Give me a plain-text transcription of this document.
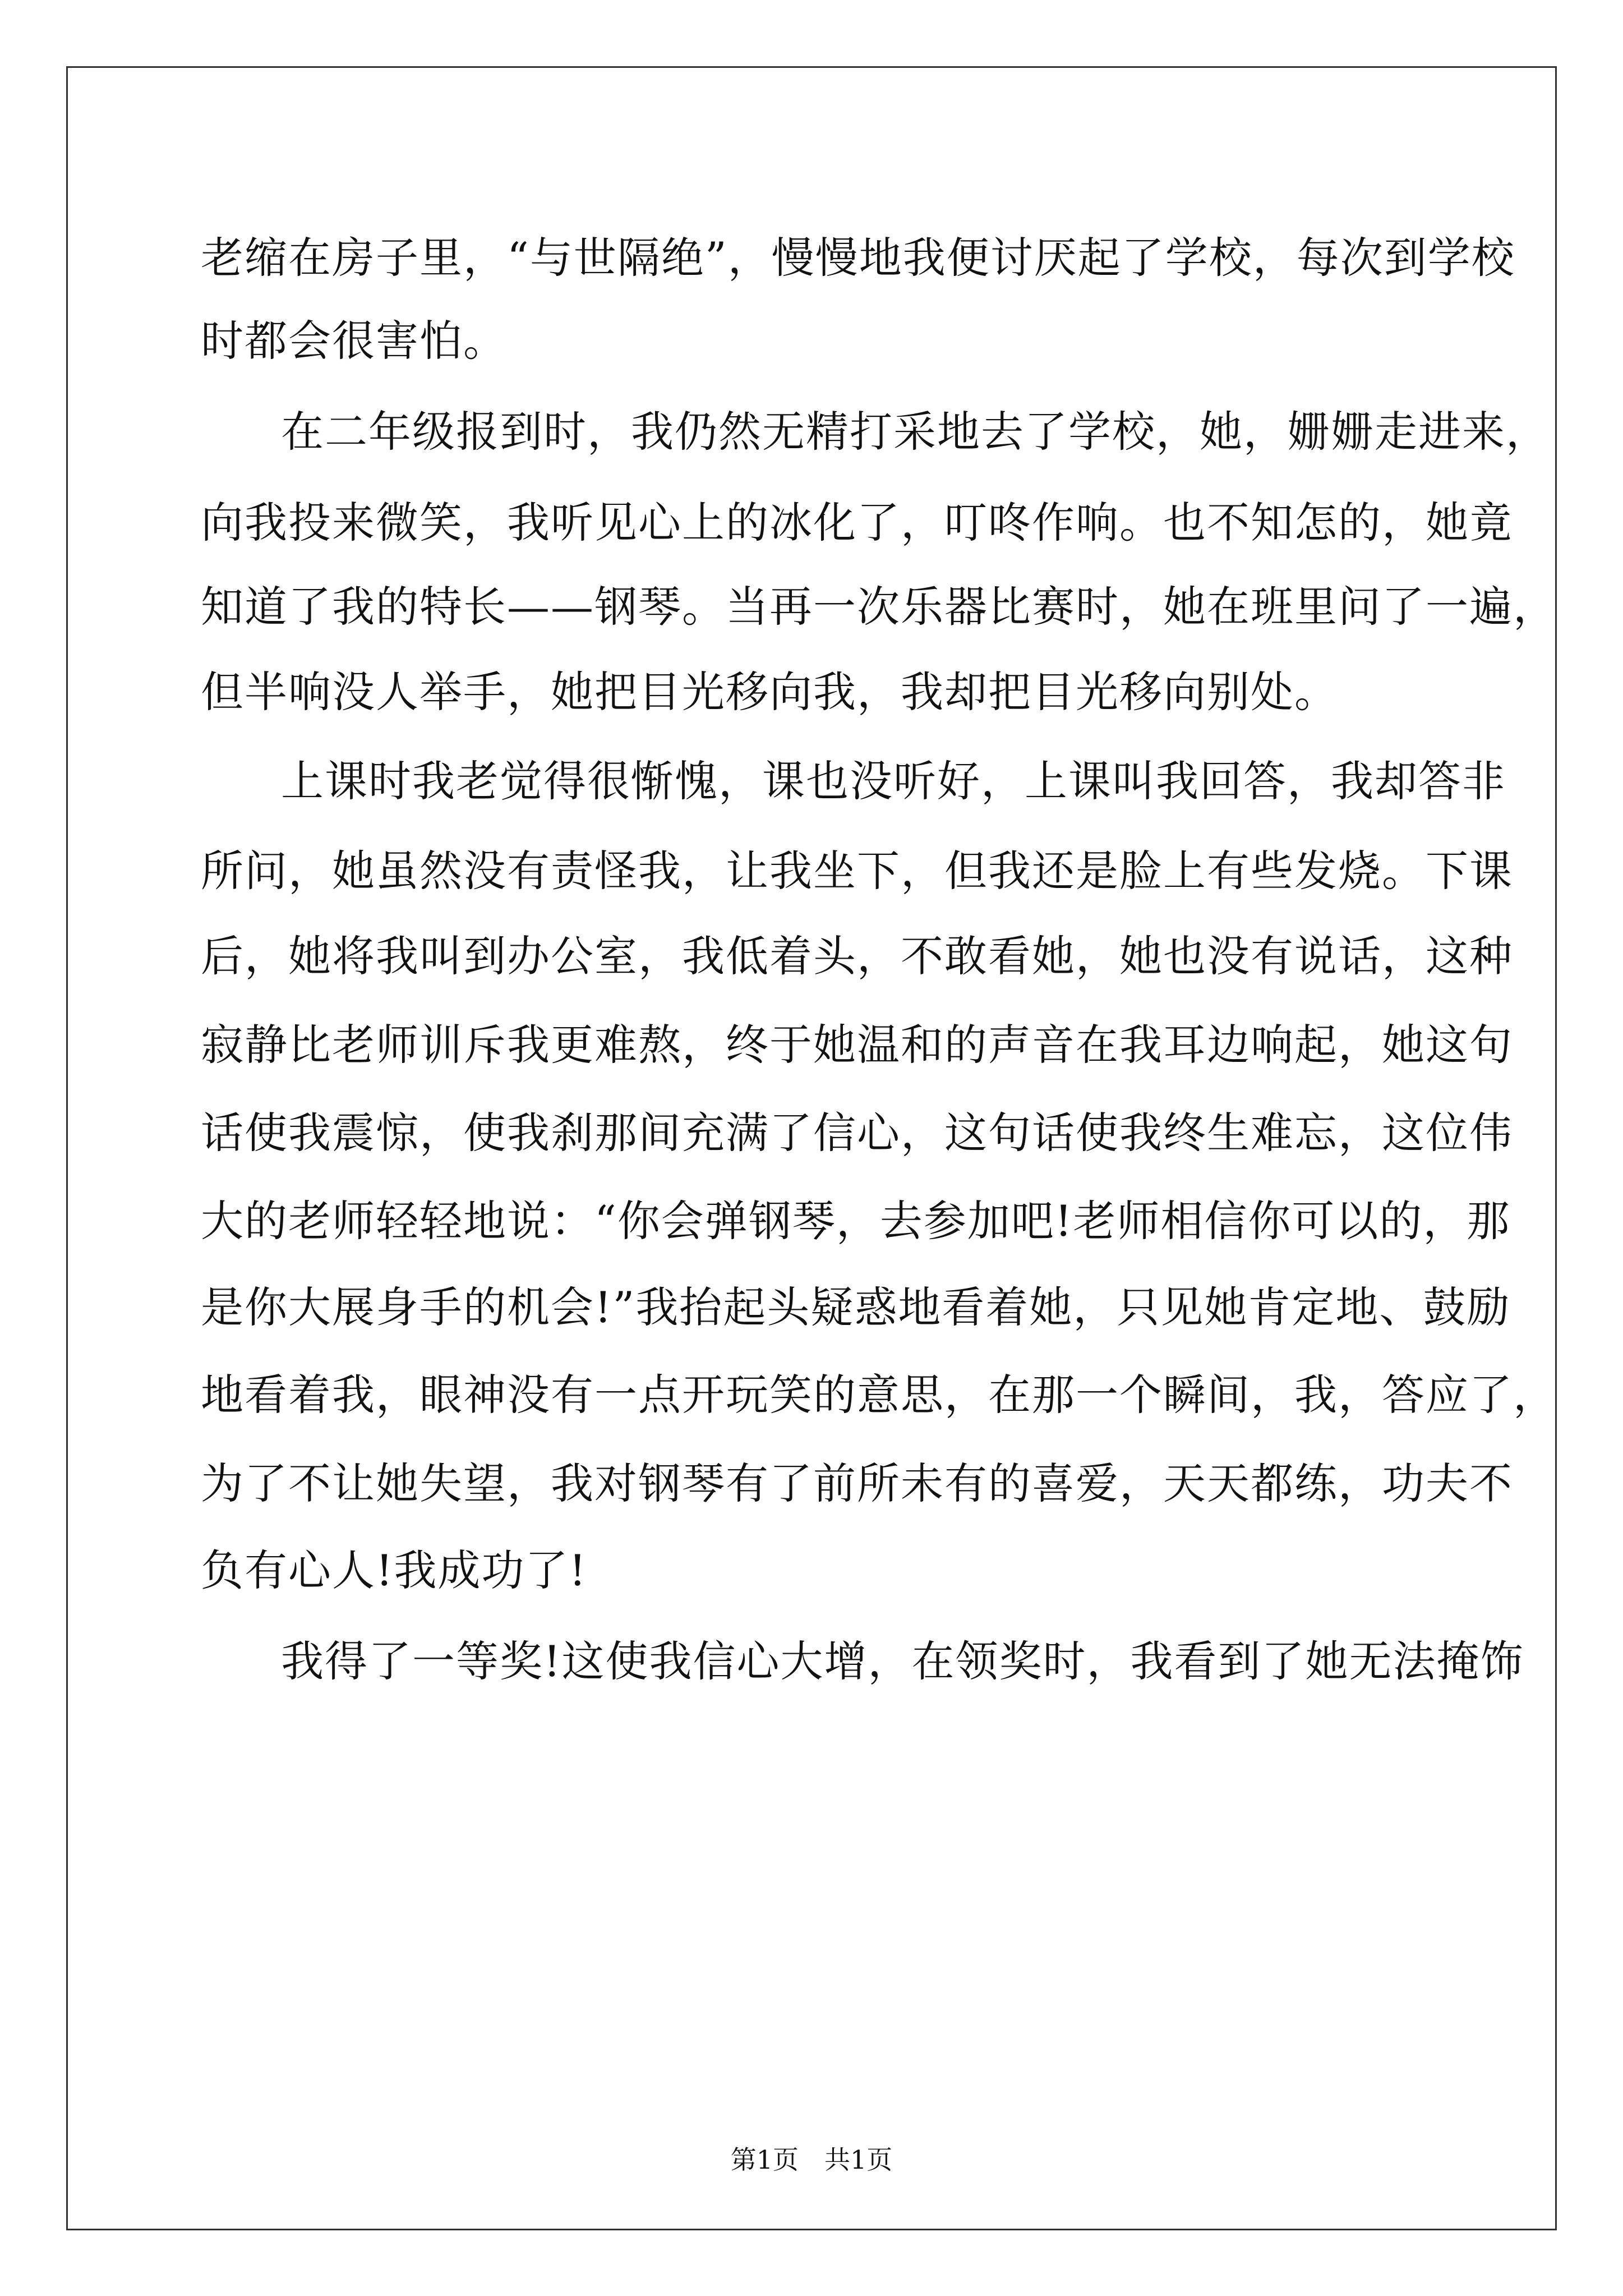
老缩在房子里，“与世隔绝”，慢慢地我便讨厌起了学校，每次到学校
时都会很害怕。
在二年级报到时，我仍然无精打采地去了学校，她，姗姗走进来，
向我投来微笑，我听见心上的冰化了，叮咚作响。也不知怎的，她竟
知道了我的特长——钢琴。当再一次乐器比赛时，她在班里问了一遍，
但半响没人举手，她把目光移向我，我却把目光移向别处。
上课时我老觉得很惭愧，课也没听好，上课叫我回答，我却答非
所问，她虽然没有责怪我，让我坐下，但我还是脸上有些发烧。下课
后，她将我叫到办公室，我低着头，不敢看她，她也没有说话，这种
寂静比老师训斥我更难熬，终于她温和的声音在我耳边响起，她这句
话使我震惊，使我刹那间充满了信心，这句话使我终生难忘，这位伟
大的老师轻轻地说：“你会弹钢琴，去参加吧!老师相信你可以的，那
是你大展身手的机会!”我抬起头疑惑地看着她，只见她肯定地、鼓励
地看着我，眼神没有一点开玩笑的意思，在那一个瞬间，我，答应了，
为了不让她失望，我对钢琴有了前所未有的喜爱，天天都练，功夫不
负有心人!我成功了!
我得了一等奖!这使我信心大增，在领奖时，我看到了她无法掩饰
第1页　共1页
